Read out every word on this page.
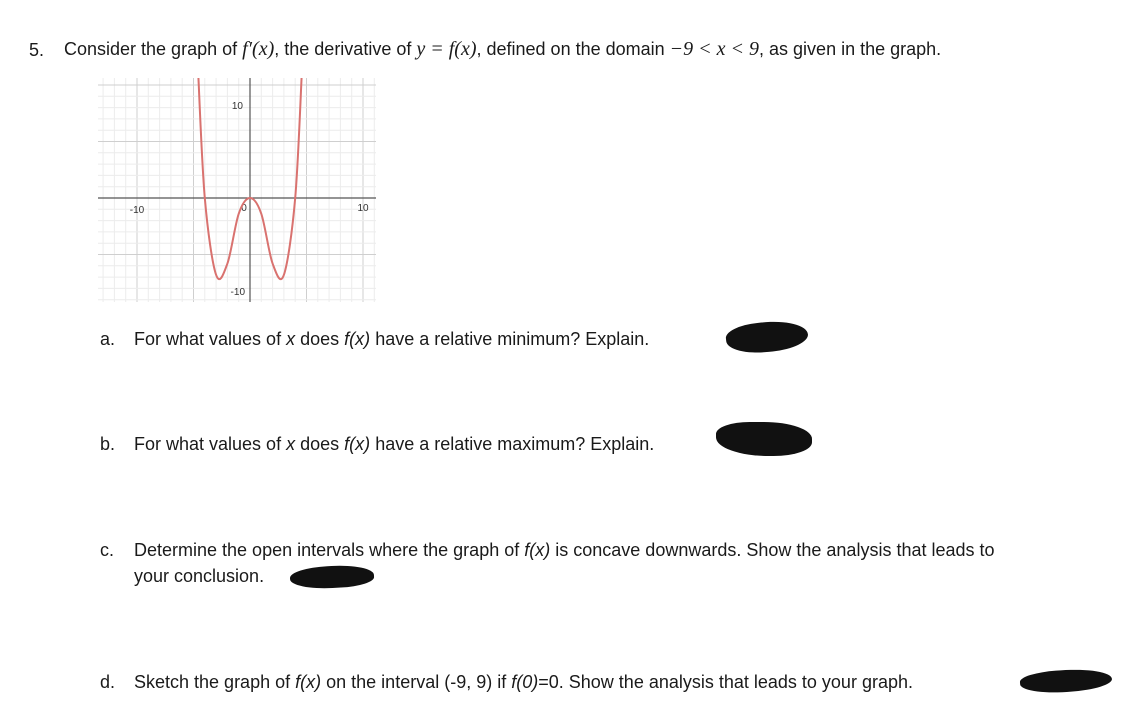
5. Consider the graph of f′(x), the derivative of y = f(x), defined on the domain −9 < x < 9, as given in the graph.
-10	0	10
10
-10
a. For what values of x does f(x) have a relative minimum? Explain.
b. For what values of x does f(x) have a relative maximum? Explain.
c. Determine the open intervals where the graph of f(x) is concave downwards. Show the analysis that leads to
your conclusion.
d. Sketch the graph of f(x) on the interval (-9, 9) if f(0)=0. Show the analysis that leads to your graph.
